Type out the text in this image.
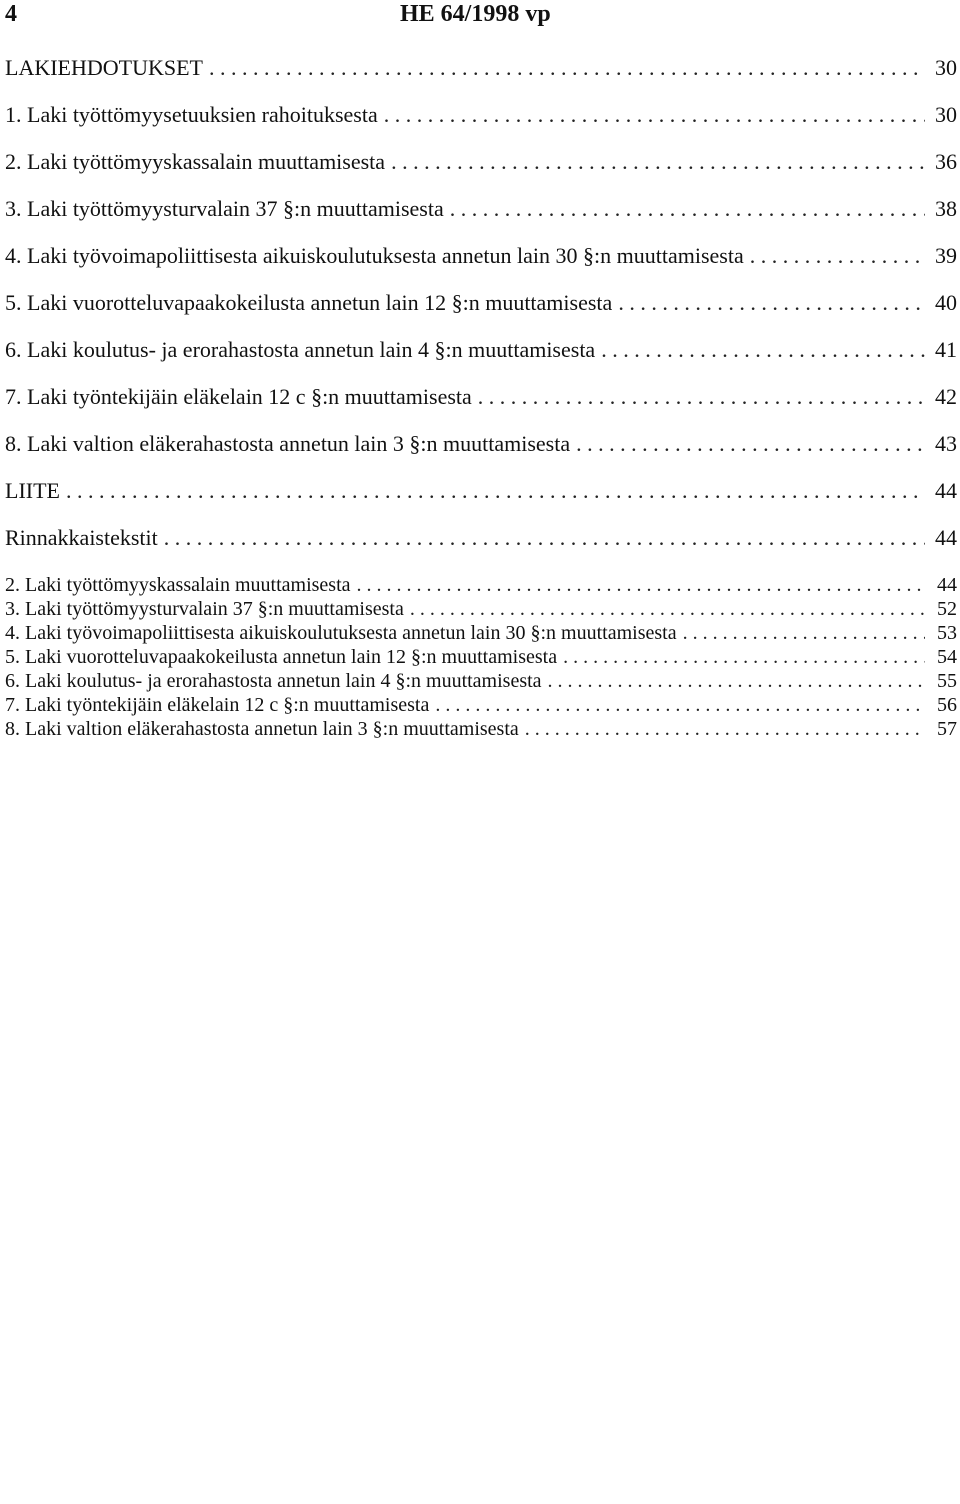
4	HE 64/1998 vp
LAKIEHDOTUKSET . . .	30
1. Laki työttömyysetuuksien rahoituksesta . . .	30
2. Laki työttömyyskassalain muuttamisesta . . .	36
3. Laki työttömyysturvalain 37 §:n muuttamisesta . . .	38
4. Laki työvoimapoliittisesta aikuiskoulutuksesta annetun lain 30 §:n muuttamisesta . . .	39
5. Laki vuorotteluvapaakokeilusta annetun lain 12 §:n muuttamisesta . . .	40
6. Laki koulutus- ja erorahastosta annetun lain 4 §:n muuttamisesta . . .	41
7. Laki työntekijäin eläkelain 12 c §:n muuttamisesta . . .	42
8. Laki valtion eläkerahastosta annetun lain 3 §:n muuttamisesta . . .	43
LIITE . . .	44
Rinnakkaistekstit . . .	44
2. Laki työttömyyskassalain muuttamisesta . . .	44
3. Laki työttömyysturvalain 37 §:n muuttamisesta . . .	52
4. Laki työvoimapoliittisesta aikuiskoulutuksesta annetun lain 30 §:n muuttamisesta . . .	53
5. Laki vuorotteluvapaakokeilusta annetun lain 12 §:n muuttamisesta . . .	54
6. Laki koulutus- ja erorahastosta annetun lain 4 §:n muuttamisesta . . .	55
7. Laki työntekijäin eläkelain 12 c §:n muuttamisesta . . .	56
8. Laki valtion eläkerahastosta annetun lain 3 §:n muuttamisesta . . .	57
